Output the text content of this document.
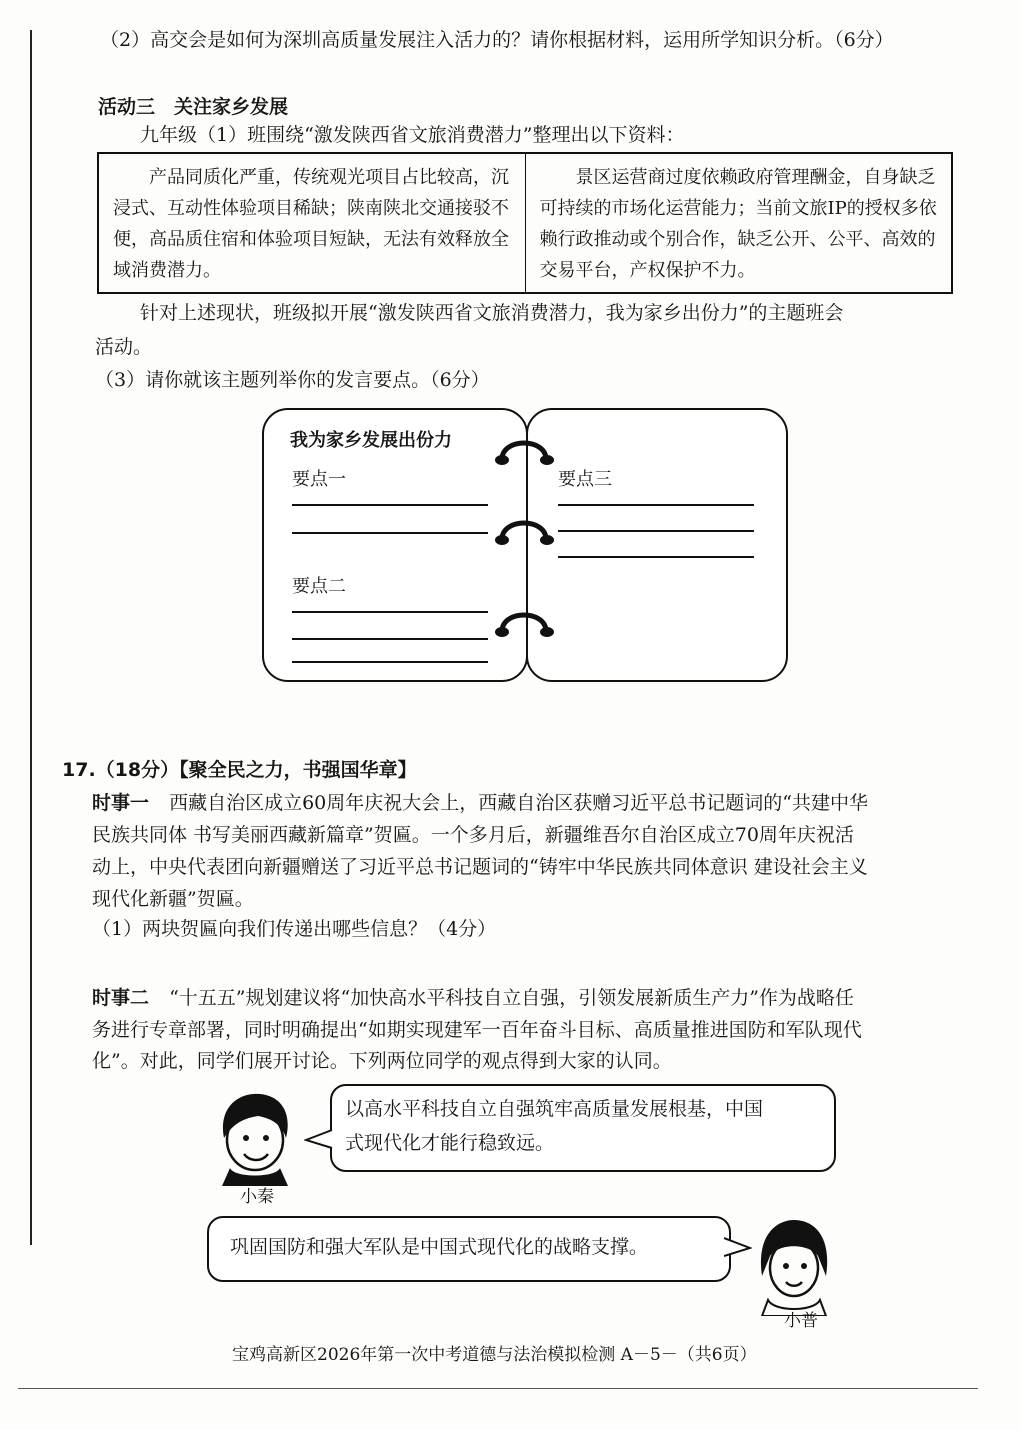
（2）高交会是如何为深圳高质量发展注入活力的？请你根据材料，运用所学知识分析。（6分）
活动三　关注家乡发展
九年级（1）班围绕“激发陕西省文旅消费潜力”整理出以下资料：
产品同质化严重，传统观光项目占比较高，沉浸式、互动性体验项目稀缺；陕南陕北交通接驳不便，高品质住宿和体验项目短缺，无法有效释放全域消费潜力。	景区运营商过度依赖政府管理酬金，自身缺乏可持续的市场化运营能力；当前文旅IP的授权多依赖行政推动或个别合作，缺乏公开、公平、高效的交易平台，产权保护不力。
针对上述现状，班级拟开展“激发陕西省文旅消费潜力，我为家乡出份力”的主题班会
活动。
（3）请你就该主题列举你的发言要点。（6分）
我为家乡发展出份力
要点一
要点二
要点三
17.（18分）【聚全民之力，书强国华章】
时事一 西藏自治区成立60周年庆祝大会上，西藏自治区获赠习近平总书记题词的“共建中华
民族共同体 书写美丽西藏新篇章”贺匾。一个多月后，新疆维吾尔自治区成立70周年庆祝活
动上，中央代表团向新疆赠送了习近平总书记题词的“铸牢中华民族共同体意识 建设社会主义
现代化新疆”贺匾。
（1）两块贺匾向我们传递出哪些信息？（4分）
时事二 “十五五”规划建议将“加快高水平科技自立自强，引领发展新质生产力”作为战略任
务进行专章部署，同时明确提出“如期实现建军一百年奋斗目标、高质量推进国防和军队现代
化”。对此，同学们展开讨论。下列两位同学的观点得到大家的认同。
小秦
以高水平科技自立自强筑牢高质量发展根基，中国
式现代化才能行稳致远。
巩固国防和强大军队是中国式现代化的战略支撑。
小普
宝鸡高新区2026年第一次中考道德与法治模拟检测 A－5－（共6页）
